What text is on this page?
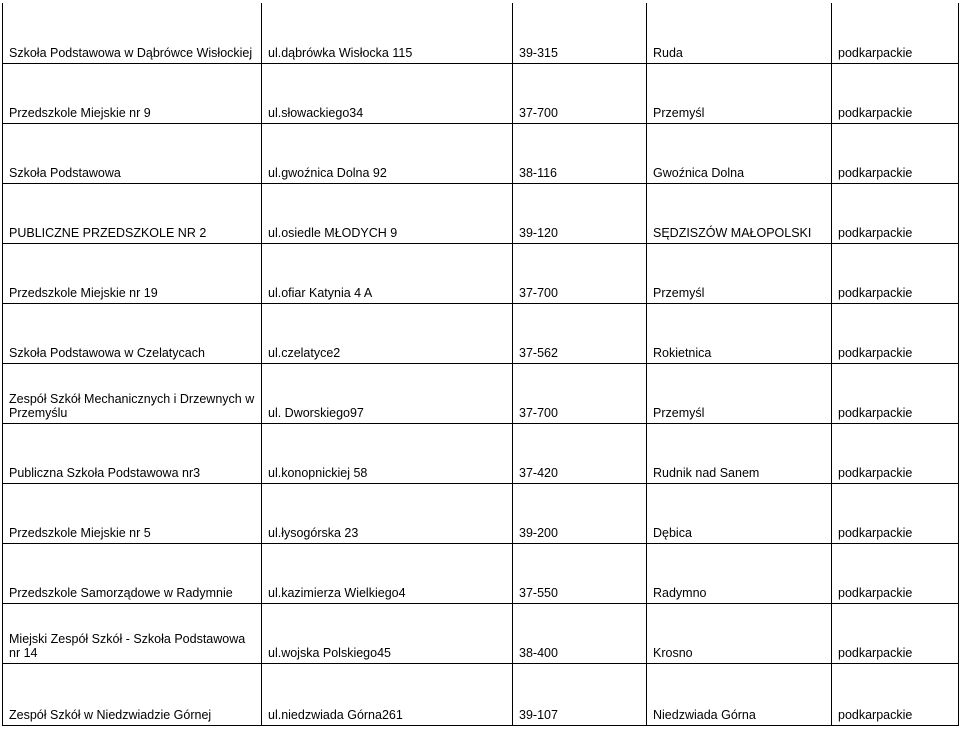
Szkoła Podstawowa w Dąbrówce Wisłockiej	ul.dąbrówka Wisłocka 115	39-315	Ruda	podkarpackie
Przedszkole Miejskie nr 9	ul.słowackiego34	37-700	Przemyśl	podkarpackie
Szkoła Podstawowa	ul.gwoźnica Dolna 92	38-116	Gwoźnica Dolna	podkarpackie
PUBLICZNE PRZEDSZKOLE NR 2	ul.osiedle MŁODYCH 9	39-120	SĘDZISZÓW MAŁOPOLSKI	podkarpackie
Przedszkole Miejskie nr 19	ul.ofiar Katynia 4 A	37-700	Przemyśl	podkarpackie
Szkoła Podstawowa w Czelatycach	ul.czelatyce2	37-562	Rokietnica	podkarpackie
Zespół Szkół Mechanicznych i Drzewnych w Przemyślu	ul. Dworskiego97	37-700	Przemyśl	podkarpackie
Publiczna Szkoła Podstawowa nr3	ul.konopnickiej 58	37-420	Rudnik nad Sanem	podkarpackie
Przedszkole Miejskie nr 5	ul.łysogórska 23	39-200	Dębica	podkarpackie
Przedszkole Samorządowe w Radymnie	ul.kazimierza Wielkiego4	37-550	Radymno	podkarpackie
Miejski Zespół Szkół - Szkoła Podstawowa nr 14	ul.wojska Polskiego45	38-400	Krosno	podkarpackie
Zespół Szkół w Niedzwiadzie Górnej	ul.niedzwiada Górna261	39-107	Niedzwiada Górna	podkarpackie
